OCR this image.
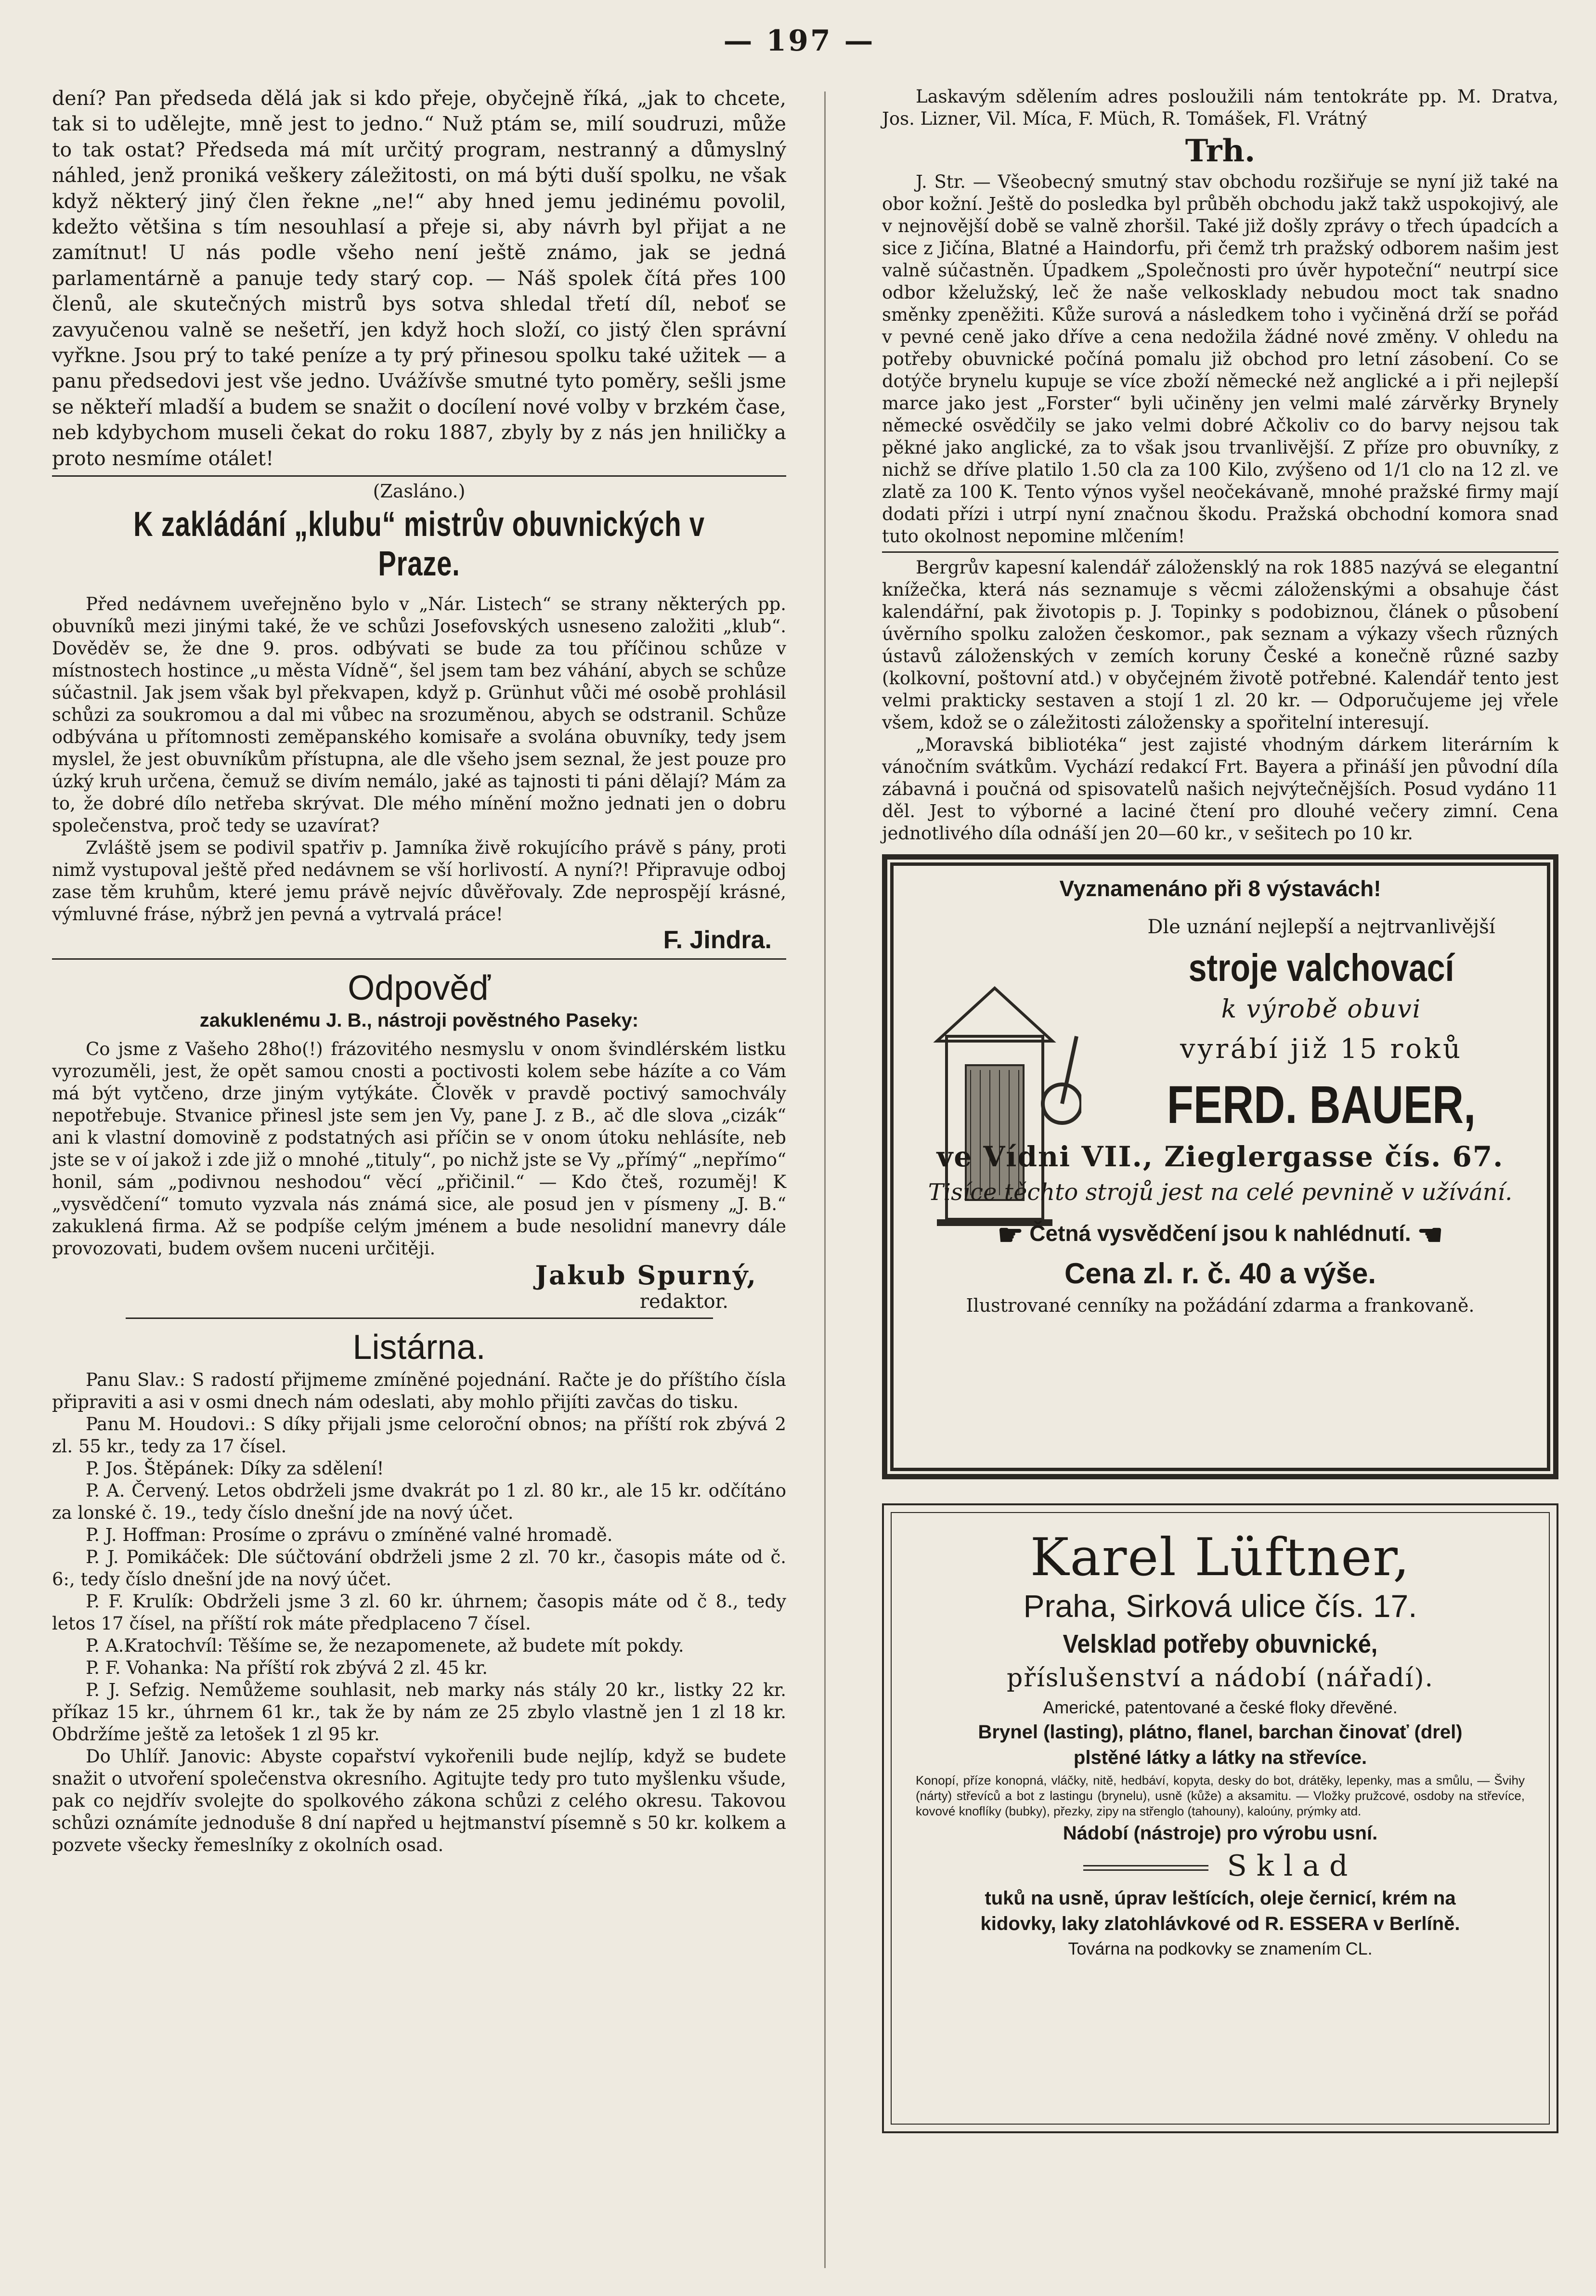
— 197 —

dení? Pan předseda dělá jak si kdo přeje, obyčejně říká, „jak to chcete, tak si to udělejte, mně jest to jedno.“ Nuž ptám se, milí soudruzi, může to tak ostat? Předseda má mít určitý program, nestranný a důmyslný náhled, jenž proniká veškery záležitosti, on má býti duší spolku, ne však když některý jiný člen řekne „ne!“ aby hned jemu jedinému povolil, kdežto většina s tím nesouhlasí a přeje si, aby návrh byl přijat a ne zamítnut! U nás podle všeho není ještě známo, jak se jedná parlamentárně a panuje tedy starý cop. — Náš spolek čítá přes 100 členů, ale skutečných mistrů bys sotva shledal třetí díl, neboť se zavyučenou valně se nešetří, jen když hoch složí, co jistý člen správní vyřkne. Jsou prý to také peníze a ty prý přinesou spolku také užitek — a panu předsedovi jest vše jedno. Uvážívše smutné tyto poměry, sešli jsme se někteří mladší a budem se snažit o docílení nové volby v brzkém čase, neb kdybychom museli čekat do roku 1887, zbyly by z nás jen hniličky a proto nesmíme otálet!

(Zasláno.)
K zakládání „klubu“ mistrův obuvnických v Praze.

Před nedávnem uveřejněno bylo v „Nár. Listech“ se strany některých pp. obuvníků mezi jinými také, že ve schůzi Josefovských usneseno založiti „klub“. Dověděv se, že dne 9. pros. odbývati se bude za tou příčinou schůze v místnostech hostince „u města Vídně“, šel jsem tam bez váhání, abych se schůze súčastnil. Jak jsem však byl překvapen, když p. Grünhut vůči mé osobě prohlásil schůzi za soukromou a dal mi vůbec na srozuměnou, abych se odstranil. Schůze odbývána u přítomnosti zeměpanského komisaře a svolána obuvníky, tedy jsem myslel, že jest obuvníkům přístupna, ale dle všeho jsem seznal, že jest pouze pro úzký kruh určena, čemuž se divím nemálo, jaké as tajnosti ti páni dělají? Mám za to, že dobré dílo netřeba skrývat. Dle mého mínění možno jednati jen o dobru společenstva, proč tedy se uzavírat?

Zvláště jsem se podivil spatřiv p. Jamníka živě rokujícího právě s pány, proti nimž vystupoval ještě před nedávnem se vší horlivostí. A nyní?! Připravuje odboj zase těm kruhům, které jemu právě nejvíc důvěřovaly. Zde neprospějí krásné, výmluvné fráse, nýbrž jen pevná a vytrvalá práce!

F. Jindra.
Odpověď
zakuklenému J. B., nástroji pověstného Paseky:

Co jsme z Vašeho 28ho(!) frázovitého nesmyslu v onom švindlérském listku vyrozuměli, jest, že opět samou cnosti a poctivosti kolem sebe házíte a co Vám má být vytčeno, drze jiným vytýkáte. Člověk v pravdě poctivý samochvály nepotřebuje. Stvanice přinesl jste sem jen Vy, pane J. z B., ač dle slova „cizák“ ani k vlastní domovině z podstatných asi příčin se v onom útoku nehlásíte, neb jste se v oí jakož i zde již o mnohé „tituly“, po nichž jste se Vy „přímý“ „nepřímo“ honil, sám „podivnou neshodou“ věcí „přičinil.“ — Kdo čteš, rozuměj! K „vysvědčení“ tomuto vyzvala nás známá sice, ale posud jen v písmeny „J. B.“ zakuklená firma. Až se podpíše celým jménem a bude nesolidní manevry dále provozovati, budem ovšem nuceni určitěji.

Jakub Spurný,
redaktor.
Listárna.

Panu Slav.: S radostí přijmeme zmíněné pojednání. Račte je do příštího čísla připraviti a asi v osmi dnech nám odeslati, aby mohlo přijíti zavčas do tisku.

Panu M. Houdovi.: S díky přijali jsme celoroční obnos; na příští rok zbývá 2 zl. 55 kr., tedy za 17 čísel.

P. Jos. Štěpánek: Díky za sdělení!

P. A. Červený. Letos obdrželi jsme dvakrát po 1 zl. 80 kr., ale 15 kr. odčítáno za lonské č. 19., tedy číslo dnešní jde na nový účet.

P. J. Hoffman: Prosíme o zprávu o zmíněné valné hromadě.

P. J. Pomikáček: Dle súčtování obdrželi jsme 2 zl. 70 kr., časopis máte od č. 6:, tedy číslo dnešní jde na nový účet.

P. F. Krulík: Obdrželi jsme 3 zl. 60 kr. úhrnem; časopis máte od č 8., tedy letos 17 čísel, na příští rok máte předplaceno 7 čísel.

P. A.Kratochvíl: Těšíme se, že nezapomenete, až budete mít pokdy.

P. F. Vohanka: Na příští rok zbývá 2 zl. 45 kr.

P. J. Sefzig. Nemůžeme souhlasit, neb marky nás stály 20 kr., listky 22 kr. příkaz 15 kr., úhrnem 61 kr., tak že by nám ze 25 zbylo vlastně jen 1 zl 18 kr. Obdržíme ještě za letošek 1 zl 95 kr.

Do Uhlíř. Janovic: Abyste copařství vykořenili bude nejlíp, když se budete snažit o utvoření společenstva okresního. Agitujte tedy pro tuto myšlenku všude, pak co nejdřív svolejte do spolkového zákona schůzi z celého okresu. Takovou schůzi oznámíte jednoduše 8 dní napřed u hejtmanství písemně s 50 kr. kolkem a pozvete všecky řemeslníky z okolních osad.

Laskavým sdělením adres posloužili nám tentokráte pp. M. Dratva, Jos. Lizner, Vil. Míca, F. Müch, R. Tomášek, Fl. Vrátný

Trh.

J. Str. — Všeobecný smutný stav obchodu rozšiřuje se nyní již také na obor kožní. Ještě do posledka byl průběh obchodu jakž takž uspokojivý, ale v nejnovější době se valně zhoršil. Také již došly zprávy o třech úpadcích a sice z Jičína, Blatné a Haindorfu, při čemž trh pražský odborem našim jest valně súčastněn. Úpadkem „Společnosti pro úvěr hypoteční“ neutrpí sice odbor kželužský, leč že naše velkosklady nebudou moct tak snadno směnky zpeněžiti. Kůže surová a následkem toho i vyčiněná drží se pořád v pevné ceně jako dříve a cena nedožila žádné nové změny. V ohledu na potřeby obuvnické počíná pomalu již obchod pro letní zásobení. Co se dotýče brynelu kupuje se více zboží německé než anglické a i při nejlepší marce jako jest „Forster“ byli učiněny jen velmi malé zárvěrky Brynely německé osvědčily se jako velmi dobré Ačkoliv co do barvy nejsou tak pěkné jako anglické, za to však jsou trvanlivější. Z příze pro obuvníky, z nichž se dříve platilo 1.50 cla za 100 Kilo, zvýšeno od 1/1 clo na 12 zl. ve zlatě za 100 K. Tento výnos vyšel neočekávaně, mnohé pražské firmy mají dodati přízi i utrpí nyní značnou škodu. Pražská obchodní komora snad tuto okolnost nepomine mlčením!

Bergrův kapesní kalendář záložensklý na rok 1885 nazývá se elegantní knížečka, která nás seznamuje s věcmi záloženskými a obsahuje část kalendářní, pak životopis p. J. Topinky s podobiznou, článek o působení úvěrního spolku založen českomor., pak seznam a výkazy všech různých ústavů záloženských v zemích koruny České a konečně různé sazby (kolkovní, poštovní atd.) v obyčejném životě potřebné. Kalendář tento jest velmi prakticky sestaven a stojí 1 zl. 20 kr. — Odporučujeme jej vřele všem, kdož se o záležitosti záložensky a spořitelní interesují.

„Moravská bibliotéka“ jest zajisté vhodným dárkem literárním k vánočním svátkům. Vychází redakcí Frt. Bayera a přináší jen původní díla zábavná i poučná od spisovatelů našich nejvýtečnějších. Posud vydáno 11 děl. Jest to výborné a laciné čtení pro dlouhé večery zimní. Cena jednotlivého díla odnáší jen 20—60 kr., v sešitech po 10 kr.

Vyznamenáno při 8 výstavách!
Dle uznání nejlepší a nejtrvanlivější
stroje valchovací
k výrobě obuvi
vyrábí již 15 roků
FERD. BAUER,
ve Vídni VII., Zieglergasse čís. 67.
Tisíce těchto strojů jest na celé pevnině v užívání.
☛ Četná vysvědčení jsou k nahlédnutí. ☚
Cena zl. r. č. 40 a výše.
Ilustrované cenníky na požádání zdarma a frankovaně.
Karel Lüftner,
Praha, Sirková ulice čís. 17.
Velsklad potřeby obuvnické,
příslušenství a nádobí (nářadí).
Americké, patentované a české floky dřevěné.
Brynel (lasting), plátno, flanel, barchan činovať (drel)
plstěné látky a látky na střevíce.
Konopí, příze konopná, vláčky, nitě, hedbáví, kopyta, desky do bot, drátěky, lepenky, mas a smůlu, — Švihy (nárty) střevíců a bot z lastingu (brynelu), usně (kůže) a aksamitu. — Vložky pružcové, osdoby na střevíce, kovové knoflíky (bubky), přezky, zipy na střenglo (tahouny), kaloúny, prýmky atd.
Nádobí (nástroje) pro výrobu usní.
Sklad
tuků na usně, úprav leštících, oleje černicí, krém na
kidovky, laky zlatohlávkové od R. ESSERA v Berlíně.
Továrna na podkovky se znamením CL.
